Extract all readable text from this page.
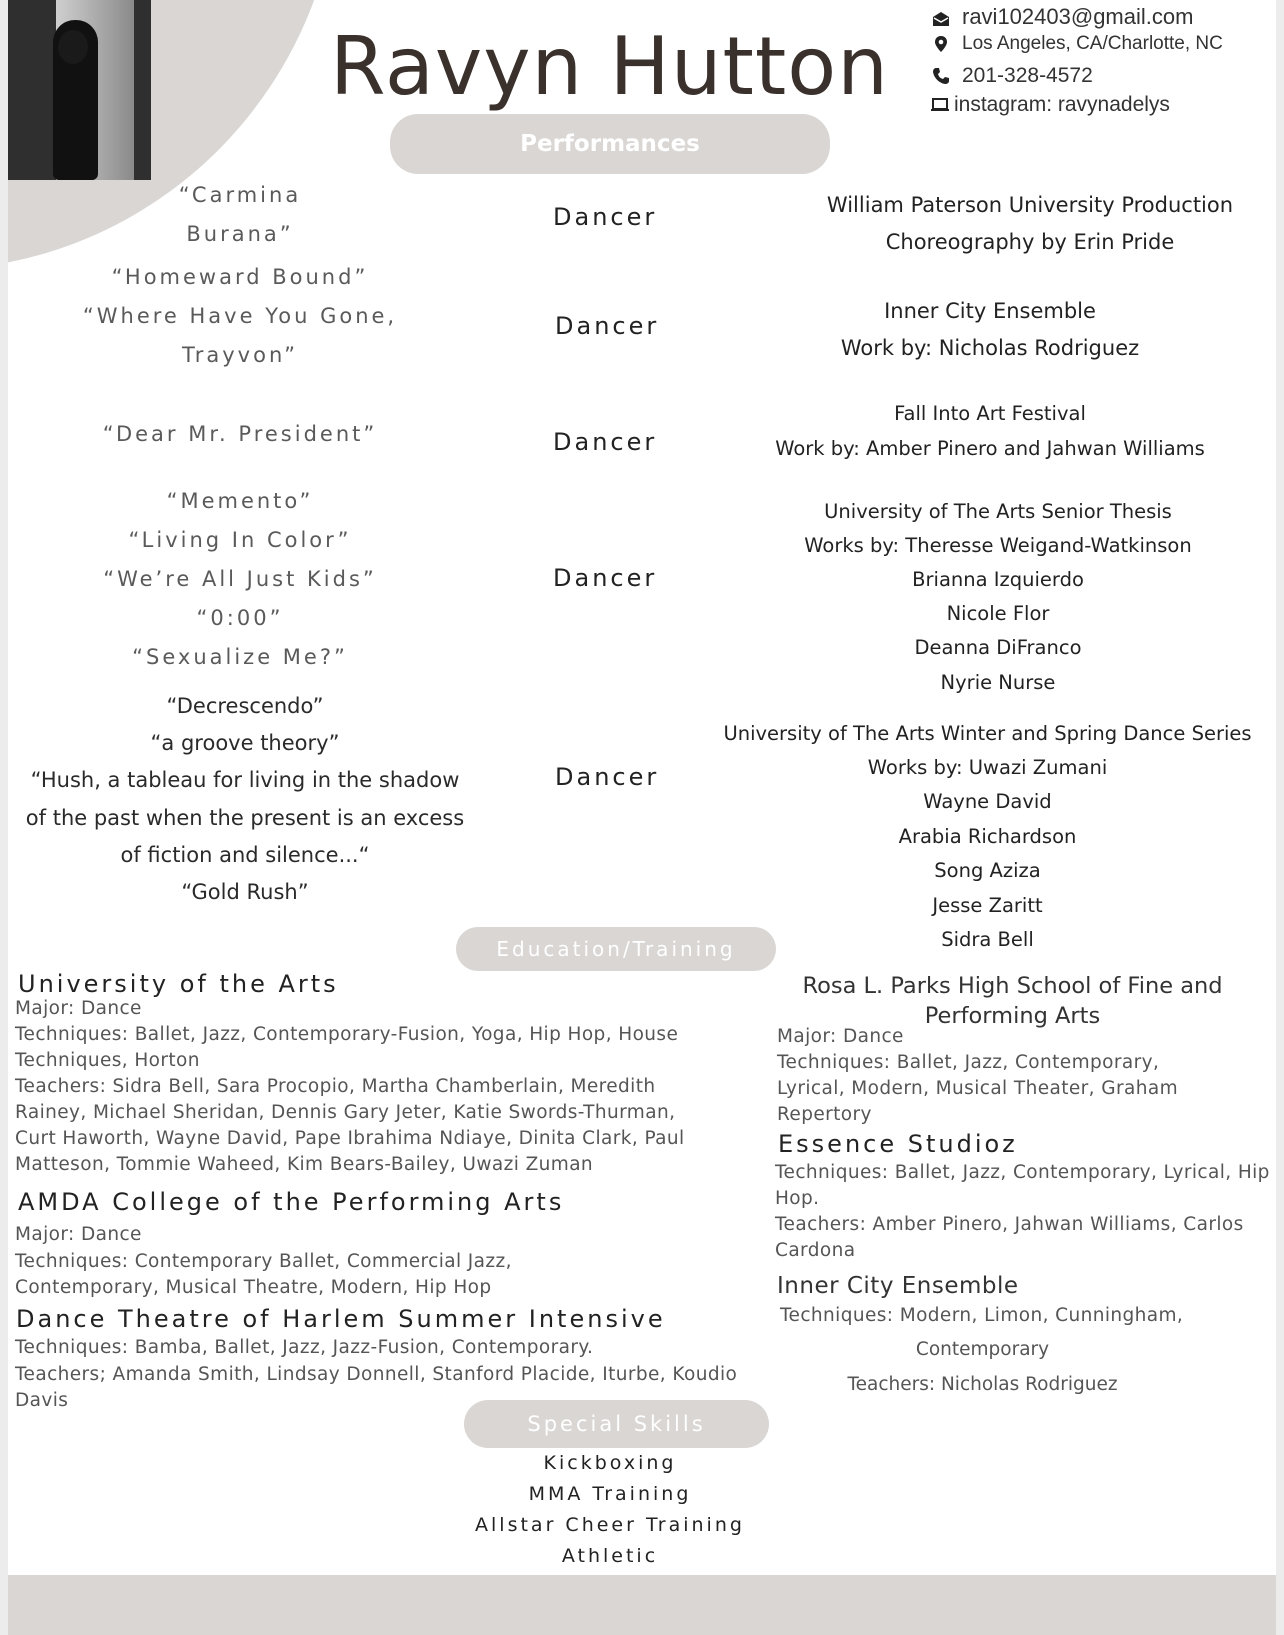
Ravyn Hutton
ravi102403@gmail.com
Los Angeles, CA/Charlotte, NC
201-328-4572
instagram: ravynadelys
Performances
“Carmina
Burana”
Dancer	William Paterson University Production
Choreography by Erin Pride
“Homeward Bound”
“Where Have You Gone,
Trayvon”
Dancer
Inner City Ensemble
Work by: Nicholas Rodriguez
“Dear Mr. President”	Dancer
Fall Into Art Festival
Work by: Amber Pinero and Jahwan Williams
“Memento”
“Living In Color”
“We’re All Just Kids”
“0:00”
“Sexualize Me?”
Dancer
University of The Arts Senior Thesis
Works by: Theresse Weigand-Watkinson
Brianna Izquierdo
Nicole Flor
Deanna DiFranco
Nyrie Nurse
“Decrescendo”
“a groove theory”
“Hush, a tableau for living in the shadow
of the past when the present is an excess
of fiction and silence...“
“Gold Rush”
Dancer
University of The Arts Winter and Spring Dance Series
Works by: Uwazi Zumani
Wayne David
Arabia Richardson
Song Aziza
Jesse Zaritt
Sidra Bell
Education/Training
University of the Arts
Major: Dance
Techniques: Ballet, Jazz, Contemporary-Fusion, Yoga, Hip Hop, House
Techniques, Horton
Teachers: Sidra Bell, Sara Procopio, Martha Chamberlain, Meredith
Rainey, Michael Sheridan, Dennis Gary Jeter, Katie Swords-Thurman,
Curt Haworth, Wayne David, Pape Ibrahima Ndiaye, Dinita Clark, Paul
Matteson, Tommie Waheed, Kim Bears-Bailey, Uwazi Zuman
AMDA College of the Performing Arts
Major: Dance
Techniques: Contemporary Ballet, Commercial Jazz,
Contemporary, Musical Theatre, Modern, Hip Hop
Dance Theatre of Harlem Summer Intensive
Techniques: Bamba, Ballet, Jazz, Jazz-Fusion, Contemporary.
Teachers; Amanda Smith, Lindsay Donnell, Stanford Placide, Iturbe, Koudio
Davis
Rosa L. Parks High School of Fine and
Performing Arts
Major: Dance
Techniques: Ballet, Jazz, Contemporary,
Lyrical, Modern, Musical Theater, Graham
Repertory
Essence Studioz
Techniques: Ballet, Jazz, Contemporary, Lyrical, Hip
Hop.
Teachers: Amber Pinero, Jahwan Williams, Carlos
Cardona
Inner City Ensemble
Techniques: Modern, Limon, Cunningham,
Contemporary
Teachers: Nicholas Rodriguez
Special Skills
Kickboxing
MMA Training
Allstar Cheer Training
Athletic
